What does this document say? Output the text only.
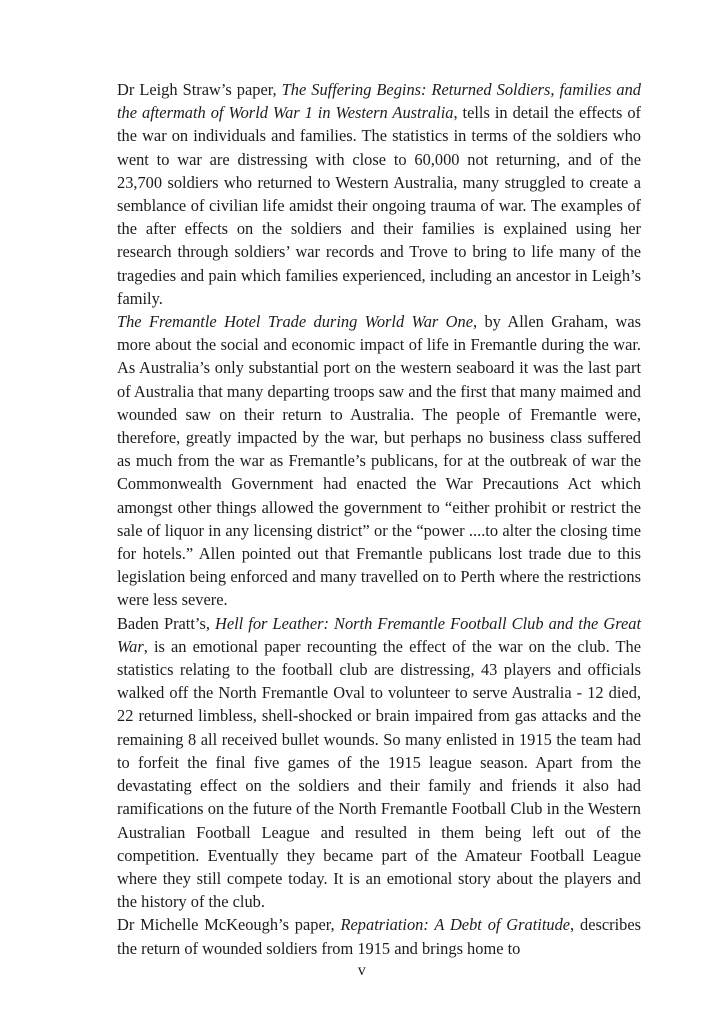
Dr Leigh Straw’s paper, The Suffering Begins: Returned Soldiers, families and the aftermath of World War 1 in Western Australia, tells in detail the effects of the war on individuals and families. The statistics in terms of the soldiers who went to war are distressing with close to 60,000 not returning, and of the 23,700 soldiers who returned to Western Australia, many struggled to create a semblance of civilian life amidst their ongoing trauma of war. The examples of the after effects on the soldiers and their families is explained using her research through soldiers’ war records and Trove to bring to life many of the tragedies and pain which families experienced, including an ancestor in Leigh’s family.

The Fremantle Hotel Trade during World War One, by Allen Graham, was more about the social and economic impact of life in Fremantle during the war. As Australia’s only substantial port on the western seaboard it was the last part of Australia that many departing troops saw and the first that many maimed and wounded saw on their return to Australia. The people of Fremantle were, therefore, greatly impacted by the war, but perhaps no business class suffered as much from the war as Fremantle’s publicans, for at the outbreak of war the Commonwealth Government had enacted the War Precautions Act which amongst other things allowed the government to “either prohibit or restrict the sale of liquor in any licensing district” or the “power ....to alter the closing time for hotels.” Allen pointed out that Fremantle publicans lost trade due to this legislation being enforced and many travelled on to Perth where the restrictions were less severe.

Baden Pratt’s, Hell for Leather: North Fremantle Football Club and the Great War, is an emotional paper recounting the effect of the war on the club. The statistics relating to the football club are distressing, 43 players and officials walked off the North Fremantle Oval to volunteer to serve Australia - 12 died, 22 returned limbless, shell-shocked or brain impaired from gas attacks and the remaining 8 all received bullet wounds. So many enlisted in 1915 the team had to forfeit the final five games of the 1915 league season. Apart from the devastating effect on the soldiers and their family and friends it also had ramifications on the future of the North Fremantle Football Club in the Western Australian Football League and resulted in them being left out of the competition. Eventually they became part of the Amateur Football League where they still compete today. It is an emotional story about the players and the history of the club.

Dr Michelle McKeough’s paper, Repatriation: A Debt of Gratitude, describes the return of wounded soldiers from 1915 and brings home to

v
